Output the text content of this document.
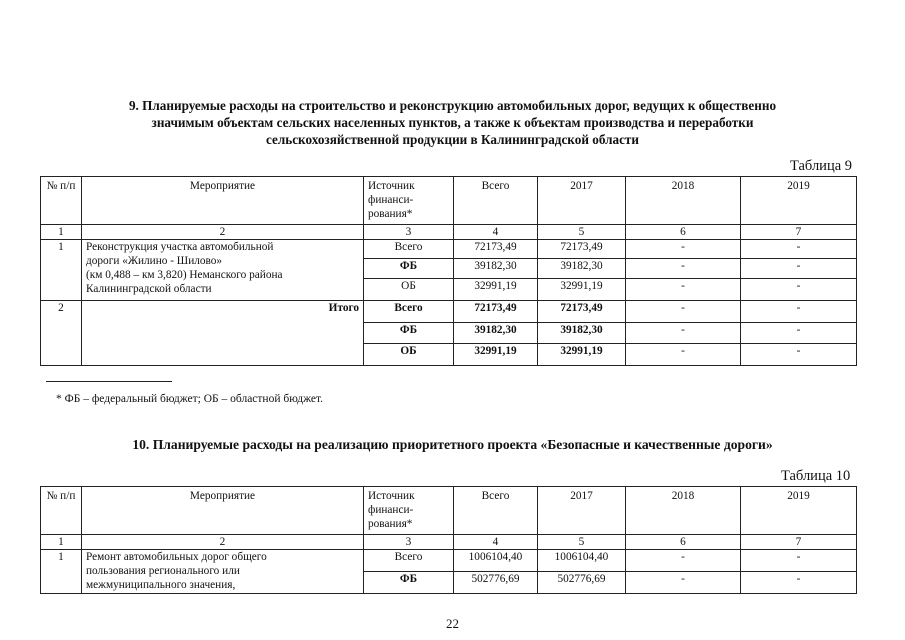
9. Планируемые расходы на строительство и реконструкцию автомобильных дорог, ведущих к общественно
значимым объектам сельских населенных пунктов, а также к объектам производства и переработки
сельскохозяйственной продукции в Калининградской области
Таблица 9
№ п/п	Мероприятие	Источник
финанси-
рования*	Всего	2017	2018	2019
1	2	3	4	5	6	7
1	Реконструкция участка автомобильной
дороги «Жилино - Шилово»
(км 0,488 – км 3,820) Неманского района
Калининградской области	Всего	72173,49	72173,49	-	-
		ФБ	39182,30	39182,30	-	-
		ОБ	32991,19	32991,19	-	-
2	Итого	Всего	72173,49	72173,49	-	-
		ФБ	39182,30	39182,30	-	-
		ОБ	32991,19	32991,19	-	-
* ФБ – федеральный бюджет; ОБ – областной бюджет.
10. Планируемые расходы на реализацию приоритетного проекта «Безопасные и качественные дороги»
Таблица 10
№ п/п	Мероприятие	Источник
финанси-
рования*	Всего	2017	2018	2019
1	2	3	4	5	6	7
1	Ремонт автомобильных дорог общего
пользования регионального или
межмуниципального значения,	Всего	1006104,40	1006104,40	-	-
		ФБ	502776,69	502776,69	-	-
22
